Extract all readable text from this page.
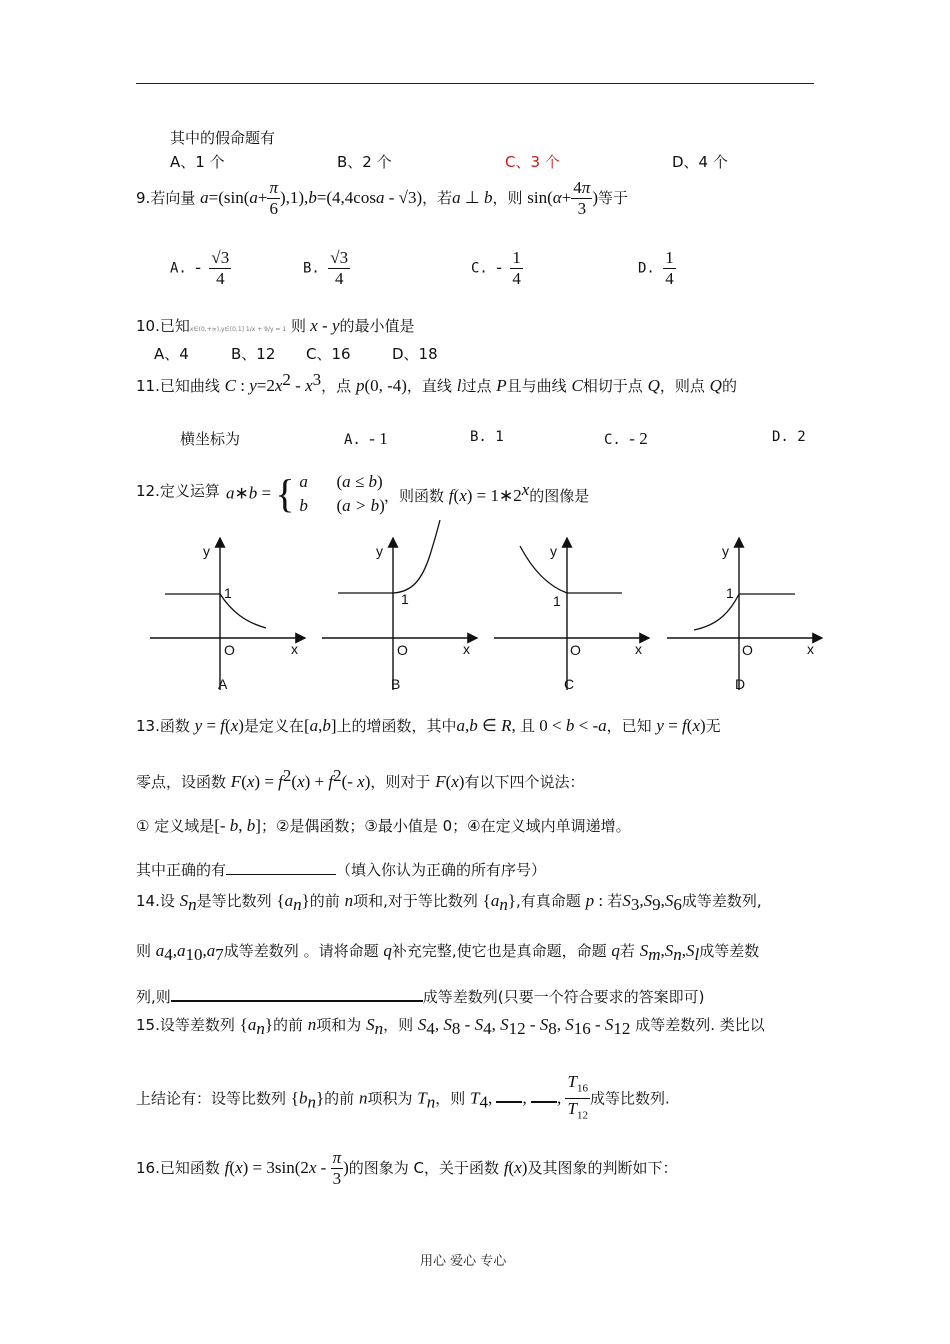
其中的假命题有
A、1 个	B、2 个	C、3 个	D、4 个
9.若向量 $a=(\sin(a+ \frac{\pi}{6} ),1),b=(4,4\cos a - √3)$，若a ⊥ b，则 $\sin(\alpha+ \frac{4\pi}{3}$ )等于
A. - $\frac{√3}{4}$	B. $\frac{√3}{4}$	C. - $\frac{1}{4}$	D. $\frac{1}{4}$
10.已知x∈(0,+∞),y∈(0,1] 1/x + 9/y = 1 则 x - y的最小值是
A、4	B、12 C、16	D、18
11.已知曲线 C : $y=2x^2 - x^3$，点 p(0, -4)，直线 l过点 P且与曲线 C相切于点 Q，则点 Q的
横坐标为	A. - 1	B. 1	C. - 2	D. 2
12.定义运算 a∗b = { a (a ≤ b)
b (a > b) ，则函数 $f(x) = 1∗2^x$的图像是
y
1
O	x
A
y
1
O	x
B
y
1
O	x
C
y
1
O	x
D
13.函数 y = f(x)是定义在[a,b]上的增函数，其中a,b ∈ R, 且 0 < b < -a，已知 y = f(x)无
零点，设函数 $F(x) = f^2(x) + f^2(-$ x)，则对于 F(x)有以下四个说法：
① 定义域是[- b, b]；②是偶函数；③最小值是 0；④在定义域内单调递增。
其中正确的有	（填入你认为正确的所有序号）
14.设 $S_n$是等比数列 $\{a_n\}$的前 n项和,对于等比数列 $\{a_n\}$,有真命题 p : 若$S_3,S_9,S_6$成等差数列,
则 $a_4,a_{10},a_7$成等差数列 。请将命题 q补充完整,使它也是真命题，命题 q若 $S_m,S_n,S_l$成等差数
列,则	成等差数列(只要一个符合要求的答案即可)
15.设等差数列 $\{a_n\}$的前 n项和为 $S_n$，则 $S_4$, $S_8 - S_4$, $S_{12} - S_8$, $S_{16} - S_{12}$ 成等差数列. 类比以
上结论有：设等比数列 $\{b_n\}$的前 n项积为 $T_n$，则 $T_4$, , , $\frac{T_{16}}{T_{12}}$ 成等比数列.
16.已知函数 $f(x) = 3\sin(2x - \frac{\pi}{3}$ )的图象为 C，关于函数 f(x)及其图象的判断如下：
用心 爱心 专心
